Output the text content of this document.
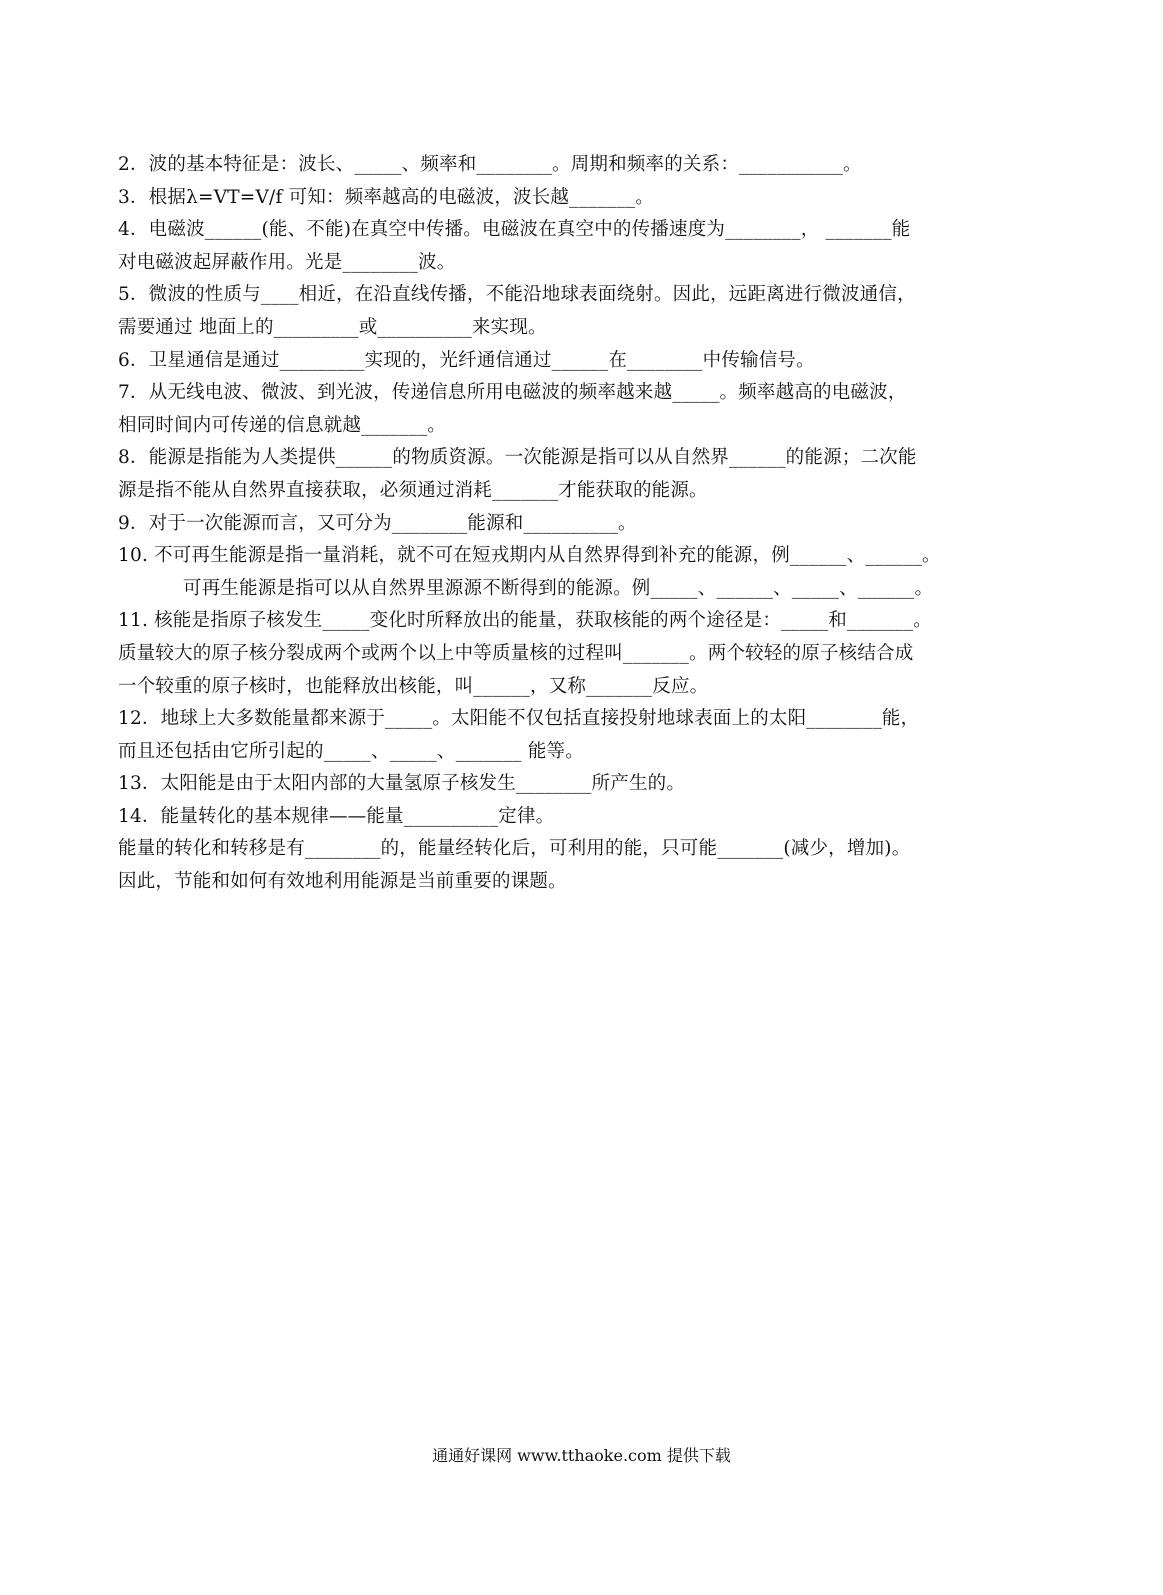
2．波的基本特征是：波长、_____、频率和________。周期和频率的关系：___________。
3．根据λ=VT=V/f 可知：频率越高的电磁波，波长越_______。
4．电磁波______(能、不能)在真空中传播。电磁波在真空中的传播速度为________， _______能
对电磁波起屏蔽作用。光是________波。
5．微波的性质与____相近，在沿直线传播，不能沿地球表面绕射。因此，远距离进行微波通信，
需要通过 地面上的_________或__________来实现。
6．卫星通信是通过_________实现的，光纤通信通过______在________中传输信号。
7．从无线电波、微波、到光波，传递信息所用电磁波的频率越来越_____。频率越高的电磁波，
相同时间内可传递的信息就越_______。
8．能源是指能为人类提供______的物质资源。一次能源是指可以从自然界______的能源；二次能
源是指不能从自然界直接获取，必须通过消耗_______才能获取的能源。
9．对于一次能源而言，又可分为________能源和__________。
10. 不可再生能源是指一量消耗，就不可在短戎期内从自然界得到补充的能源，例______、______。
可再生能源是指可以从自然界里源源不断得到的能源。例_____、______、_____、______。
11. 核能是指原子核发生_____变化时所释放出的能量，获取核能的两个途径是：_____和_______。
质量较大的原子核分裂成两个或两个以上中等质量核的过程叫_______。两个较轻的原子核结合成
一个较重的原子核时，也能释放出核能，叫______，又称_______反应。
12．地球上大多数能量都来源于_____。太阳能不仅包括直接投射地球表面上的太阳________能，
而且还包括由它所引起的_____、_____、_______ 能等。
13．太阳能是由于太阳内部的大量氢原子核发生________所产生的。
14．能量转化的基本规律——能量__________定律。
能量的转化和转移是有________的，能量经转化后，可利用的能，只可能_______(减少，增加)。
因此，节能和如何有效地利用能源是当前重要的课题。
通通好课网 www.tthaoke.com 提供下载
